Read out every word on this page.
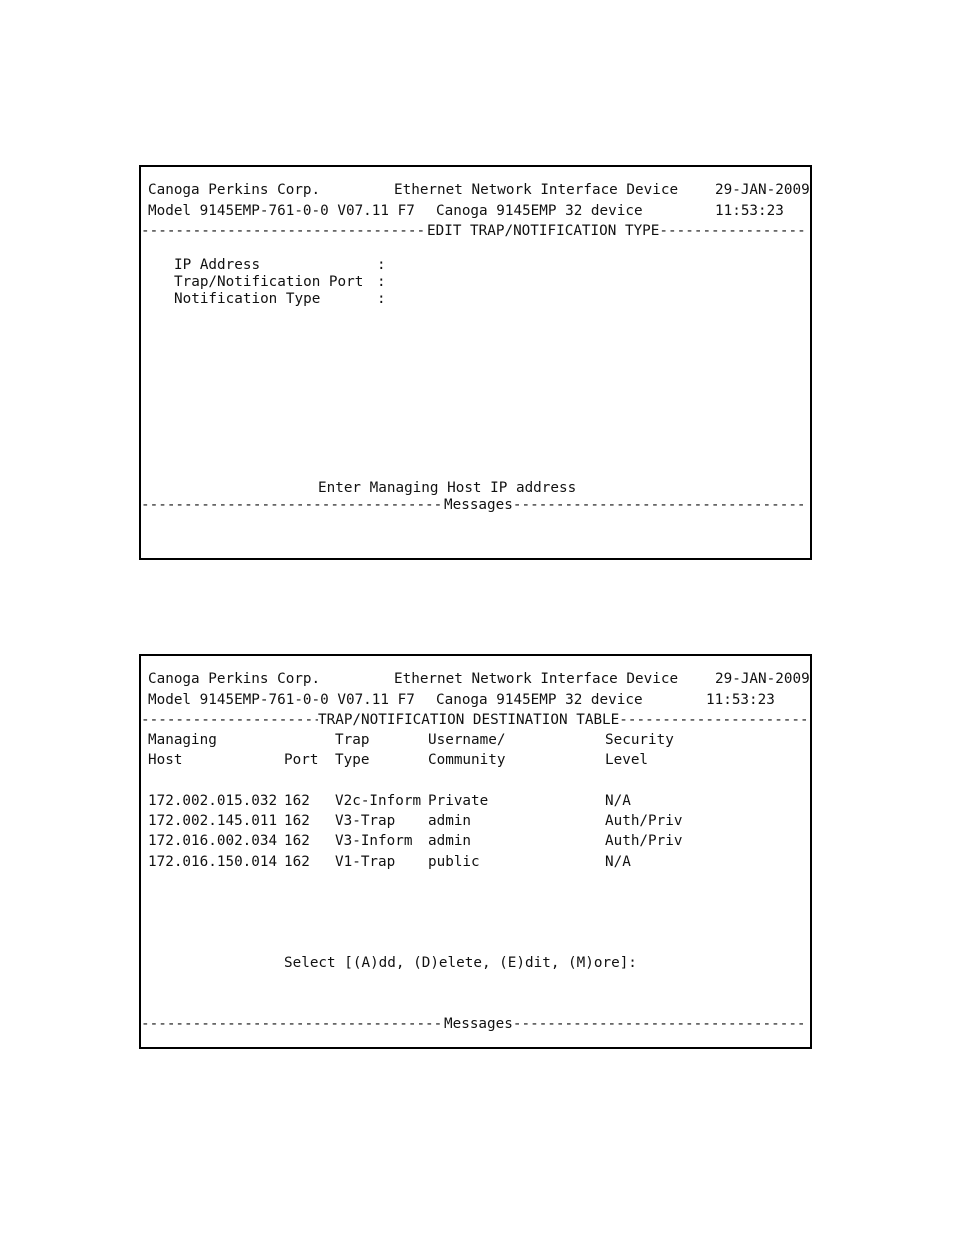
Canoga Perkins Corp.	Ethernet Network Interface Device	29-JAN-2009
Model 9145EMP-761-0-0 V07.11 F7 Canoga 9145EMP 32 device	11:53:23
-----
EDIT TRAP/NOTIFICATION TYPE
-----
IP Address	:
Trap/Notification Port :
Notification Type	:
Enter Managing Host IP address
-----
Messages
-----
Canoga Perkins Corp.	Ethernet Network Interface Device	29-JAN-2009
Model 9145EMP-761-0-0 V07.11 F7 Canoga 9145EMP 32 device	11:53:23
-----
TRAP/NOTIFICATION DESTINATION TABLE
-----
Managing	Trap	Username/	Security
Host	Port Type	Community	Level
172.002.015.032 162 V2c-Inform Private	N/A
172.002.145.011 162 V3-Trap admin	Auth/Priv
172.016.002.034 162 V3-Inform admin	Auth/Priv
172.016.150.014 162 V1-Trap public	N/A
Select [(A)dd, (D)elete, (E)dit, (M)ore]:
-----
Messages
-----
